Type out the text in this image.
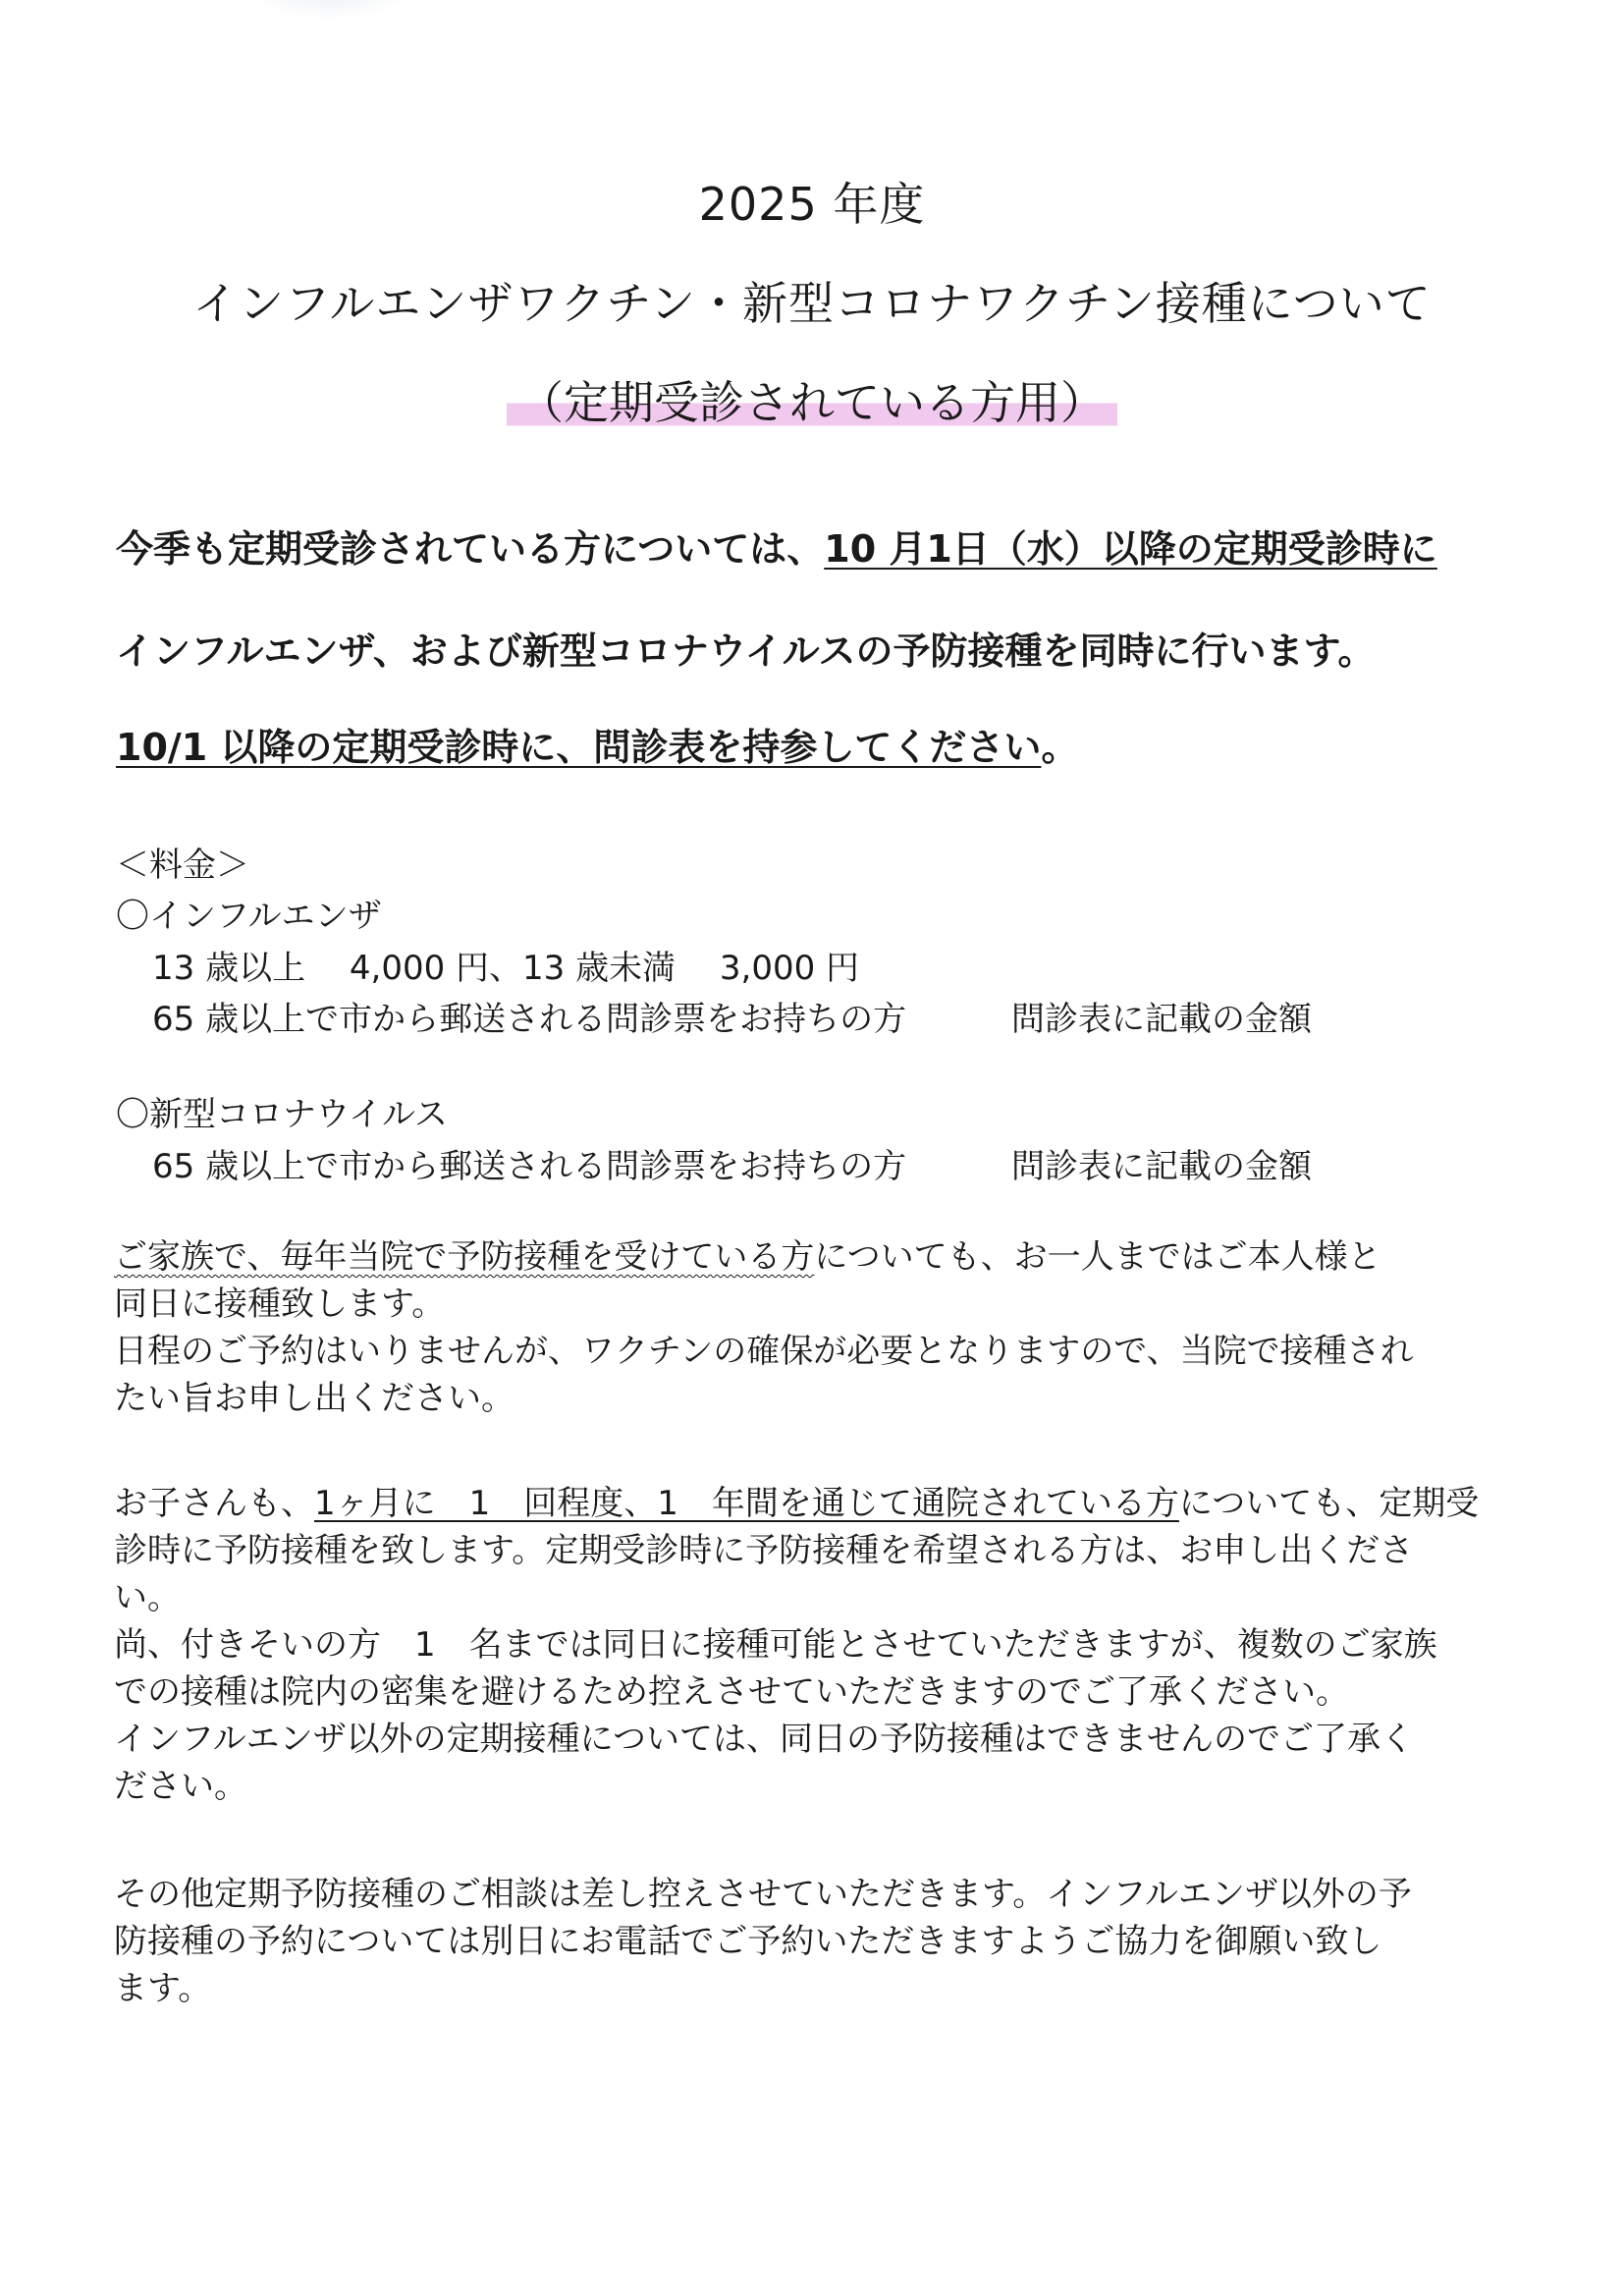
2025 年度
インフルエンザワクチン・新型コロナワクチン接種について
（定期受診されている方用）
今季も定期受診されている方については、10 月1日（水）以降の定期受診時に
インフルエンザ、および新型コロナウイルスの予防接種を同時に行います。
10/1 以降の定期受診時に、問診表を持参してください。
＜料金＞
〇インフルエンザ
13 歳以上　 4,000 円、13 歳未満　 3,000 円
65 歳以上で市から郵送される問診票をお持ちの方	問診表に記載の金額
〇新型コロナウイルス
65 歳以上で市から郵送される問診票をお持ちの方	問診表に記載の金額
ご家族で、毎年当院で予防接種を受けている方についても、お一人まではご本人様と
同日に接種致します。
日程のご予約はいりませんが、ワクチンの確保が必要となりますので、当院で接種され
たい旨お申し出ください。
お子さんも、1ヶ月に　1　回程度、1　年間を通じて通院されている方についても、定期受
診時に予防接種を致します。定期受診時に予防接種を希望される方は、お申し出くださ
い。
尚、付きそいの方　1　名までは同日に接種可能とさせていただきますが、複数のご家族
での接種は院内の密集を避けるため控えさせていただきますのでご了承ください。
インフルエンザ以外の定期接種については、同日の予防接種はできませんのでご了承く
ださい。
その他定期予防接種のご相談は差し控えさせていただきます。インフルエンザ以外の予
防接種の予約については別日にお電話でご予約いただきますようご協力を御願い致し
ます。
